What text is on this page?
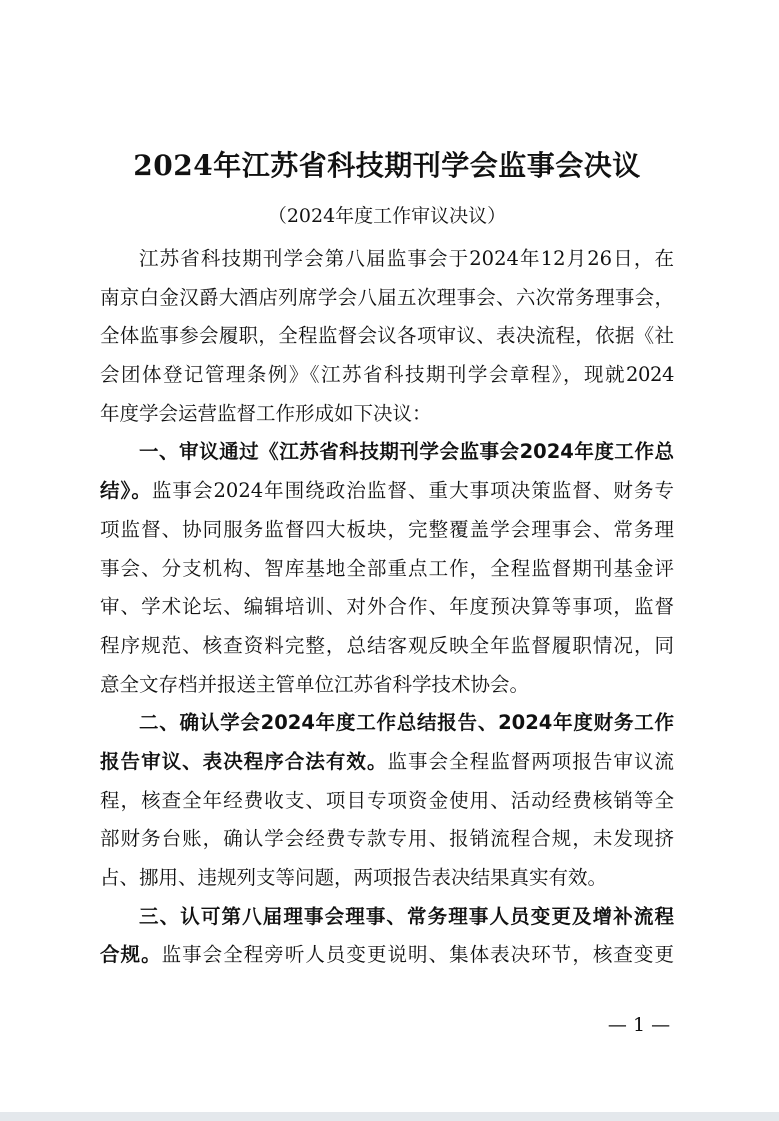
2024年江苏省科技期刊学会监事会决议
（2024年度工作审议决议）
江苏省科技期刊学会第八届监事会于2024年12月26日，在
南京白金汉爵大酒店列席学会八届五次理事会、六次常务理事会，
全体监事参会履职，全程监督会议各项审议、表决流程，依据《社
会团体登记管理条例》《江苏省科技期刊学会章程》，现就2024
年度学会运营监督工作形成如下决议：
一、审议通过《江苏省科技期刊学会监事会2024年度工作总
结》。监事会2024年围绕政治监督、重大事项决策监督、财务专
项监督、协同服务监督四大板块，完整覆盖学会理事会、常务理
事会、分支机构、智库基地全部重点工作，全程监督期刊基金评
审、学术论坛、编辑培训、对外合作、年度预决算等事项，监督
程序规范、核查资料完整，总结客观反映全年监督履职情况，同
意全文存档并报送主管单位江苏省科学技术协会。
二、确认学会2024年度工作总结报告、2024年度财务工作
报告审议、表决程序合法有效。监事会全程监督两项报告审议流
程，核查全年经费收支、项目专项资金使用、活动经费核销等全
部财务台账，确认学会经费专款专用、报销流程合规，未发现挤
占、挪用、违规列支等问题，两项报告表决结果真实有效。
三、认可第八届理事会理事、常务理事人员变更及增补流程
合规。监事会全程旁听人员变更说明、集体表决环节，核查变更
— 1 —
